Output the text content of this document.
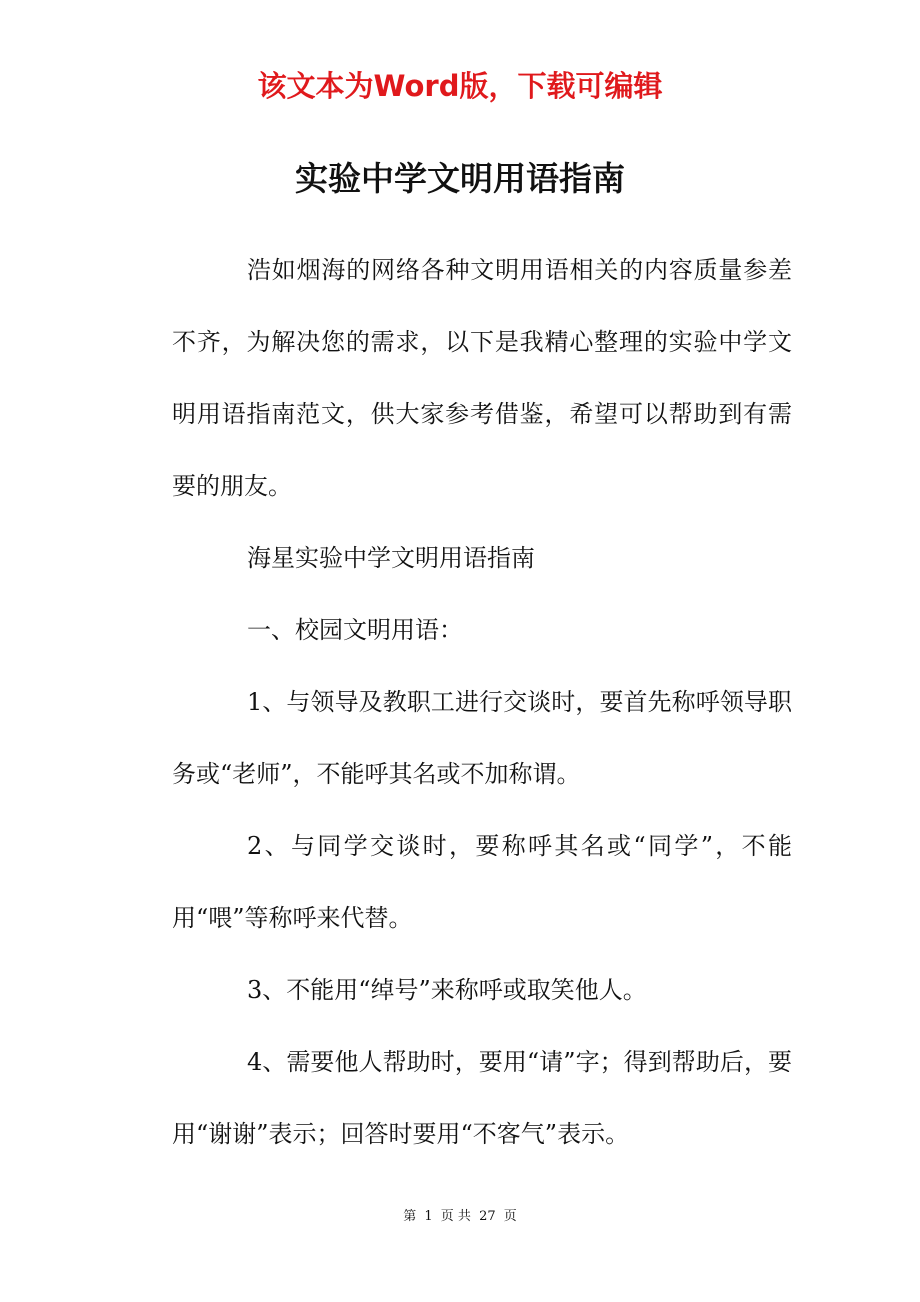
该文本为Word版，下载可编辑
实验中学文明用语指南

浩如烟海的网络各种文明用语相关的内容质量参差不齐，为解决您的需求，以下是我精心整理的实验中学文明用语指南范文，供大家参考借鉴，希望可以帮助到有需要的朋友。

海星实验中学文明用语指南

一、校园文明用语：

1、与领导及教职工进行交谈时，要首先称呼领导职务或“老师”，不能呼其名或不加称谓。

2、与同学交谈时，要称呼其名或“同学”，不能用“喂”等称呼来代替。

3、不能用“绰号”来称呼或取笑他人。

4、需要他人帮助时，要用“请”字；得到帮助后，要用“谢谢”表示；回答时要用“不客气”表示。

第 1 页 共 27 页
